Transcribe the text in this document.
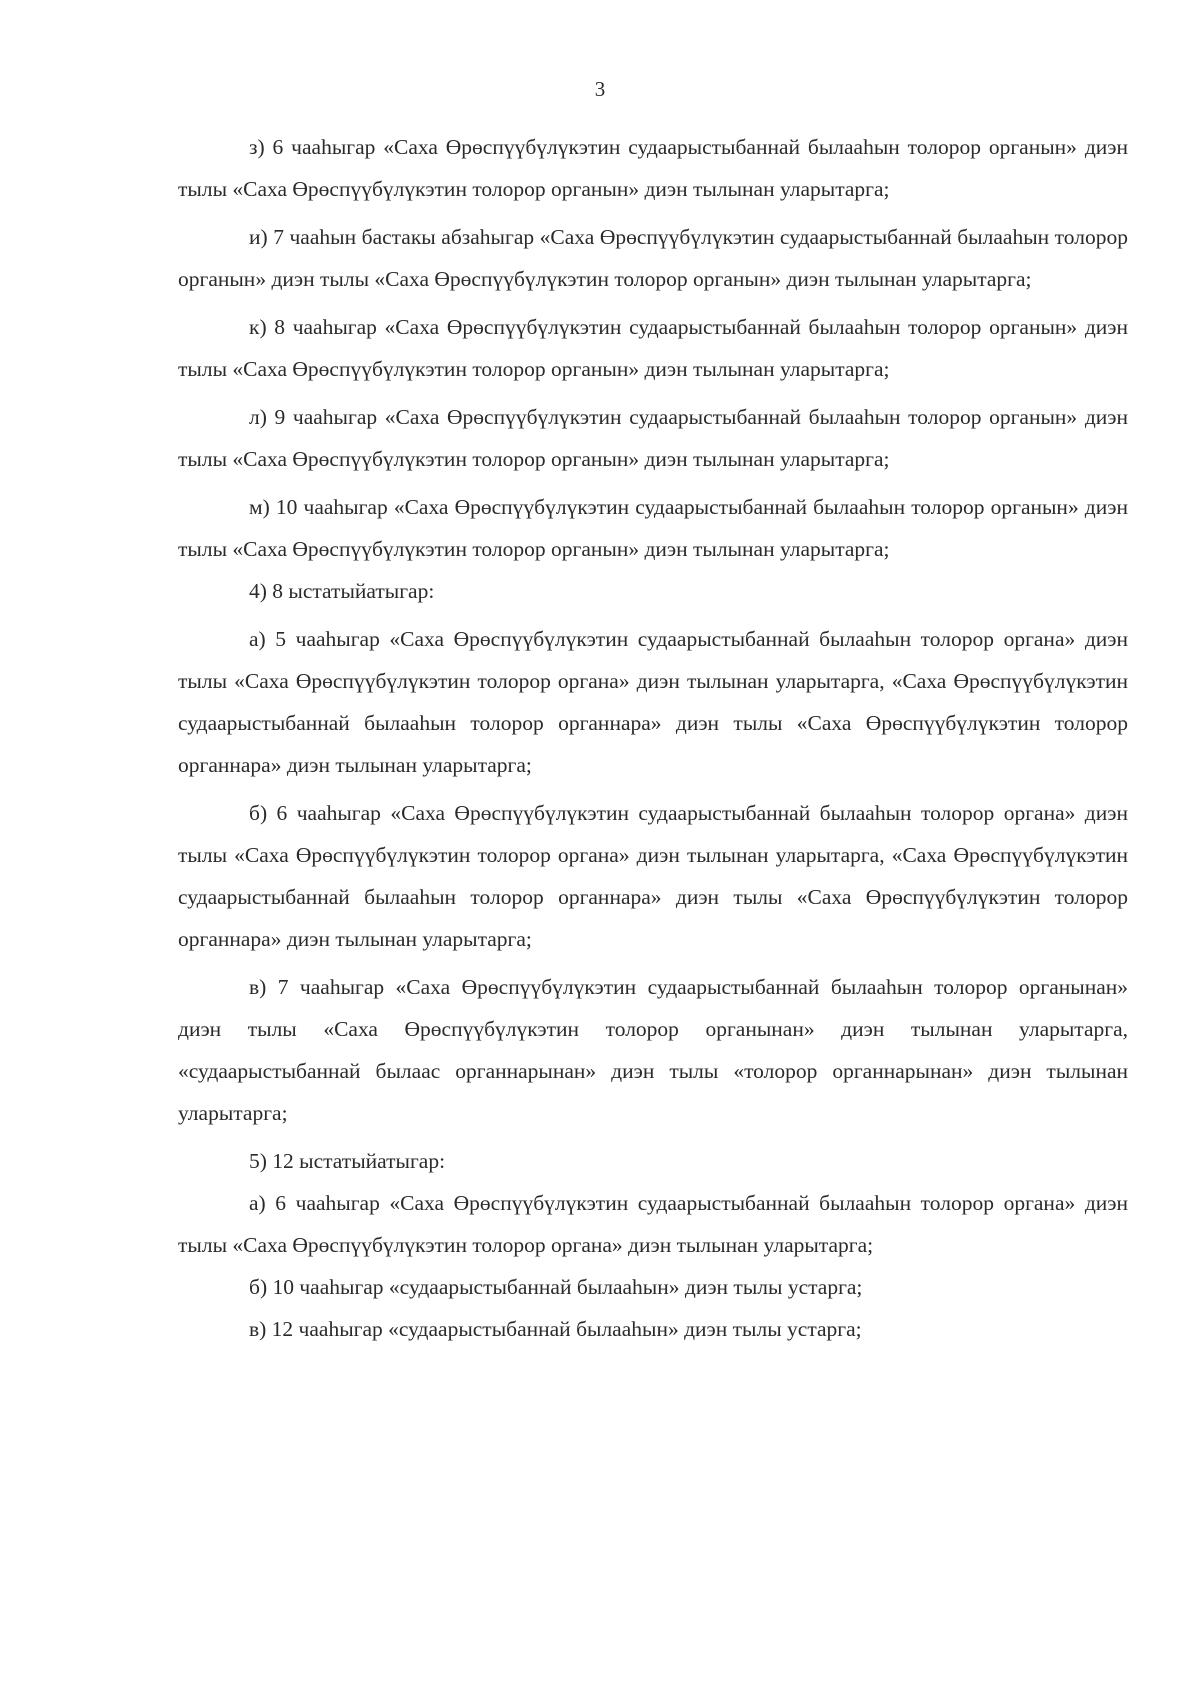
3

з) 6 чааһыгар «Саха Өрөспүүбүлүкэтин судаарыстыбаннай былааһын толорор органын» диэн тылы «Саха Өрөспүүбүлүкэтин толорор органын» диэн тылынан уларытарга;

и) 7 чааһын бастакы абзаһыгар «Саха Өрөспүүбүлүкэтин судаарыстыбаннай былааһын толорор органын» диэн тылы «Саха Өрөспүүбүлүкэтин толорор органын» диэн тылынан уларытарга;

к) 8 чааһыгар «Саха Өрөспүүбүлүкэтин судаарыстыбаннай былааһын толорор органын» диэн тылы «Саха Өрөспүүбүлүкэтин толорор органын» диэн тылынан уларытарга;

л) 9 чааһыгар «Саха Өрөспүүбүлүкэтин судаарыстыбаннай былааһын толорор органын» диэн тылы «Саха Өрөспүүбүлүкэтин толорор органын» диэн тылынан уларытарга;

м) 10 чааһыгар «Саха Өрөспүүбүлүкэтин судаарыстыбаннай былааһын толорор органын» диэн тылы «Саха Өрөспүүбүлүкэтин толорор органын» диэн тылынан уларытарга;

4) 8 ыстатыйатыгар:

а) 5 чааһыгар «Саха Өрөспүүбүлүкэтин судаарыстыбаннай былааһын толорор органа» диэн тылы «Саха Өрөспүүбүлүкэтин толорор органа» диэн тылынан уларытарга, «Саха Өрөспүүбүлүкэтин судаарыстыбаннай былааһын толорор органнара» диэн тылы «Саха Өрөспүүбүлүкэтин толорор органнара» диэн тылынан уларытарга;

б) 6 чааһыгар «Саха Өрөспүүбүлүкэтин судаарыстыбаннай былааһын толорор органа» диэн тылы «Саха Өрөспүүбүлүкэтин толорор органа» диэн тылынан уларытарга, «Саха Өрөспүүбүлүкэтин судаарыстыбаннай былааһын толорор органнара» диэн тылы «Саха Өрөспүүбүлүкэтин толорор органнара» диэн тылынан уларытарга;

в) 7 чааһыгар «Саха Өрөспүүбүлүкэтин судаарыстыбаннай былааһын толорор органынан» диэн тылы «Саха Өрөспүүбүлүкэтин толорор органынан» диэн тылынан уларытарга, «судаарыстыбаннай былаас органнарынан» диэн тылы «толорор органнарынан» диэн тылынан уларытарга;

5) 12 ыстатыйатыгар:

а) 6 чааһыгар «Саха Өрөспүүбүлүкэтин судаарыстыбаннай былааһын толорор органа» диэн тылы «Саха Өрөспүүбүлүкэтин толорор органа» диэн тылынан уларытарга;

б) 10 чааһыгар «судаарыстыбаннай былааһын» диэн тылы устарга;

в) 12 чааһыгар «судаарыстыбаннай былааһын» диэн тылы устарга;
